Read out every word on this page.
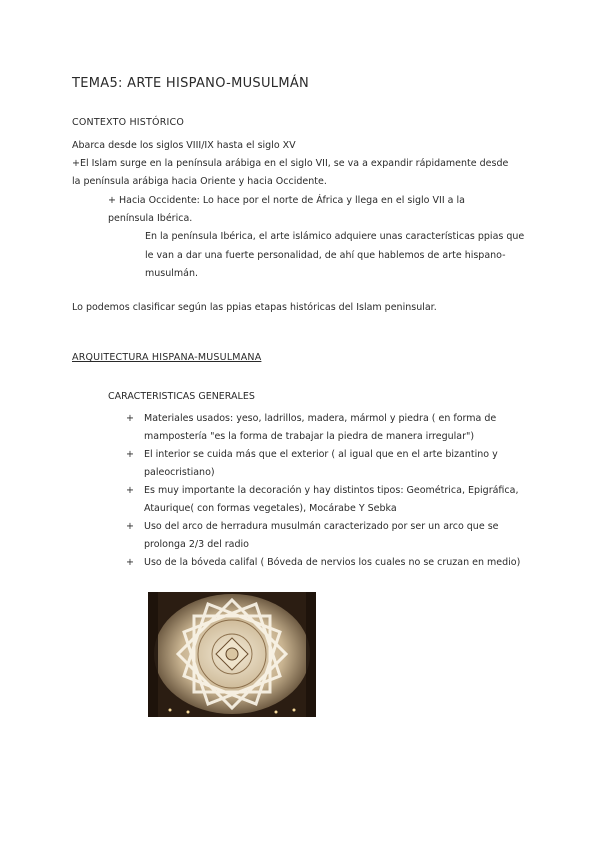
TEMA5: ARTE HISPANO-MUSULMÁN
CONTEXTO HISTÓRICO
Abarca desde los siglos VIII/IX hasta el siglo XV
+El Islam surge en la península arábiga en el siglo VII, se va a expandir rápidamente desde
la península arábiga hacia Oriente y hacia Occidente.
+ Hacia Occidente: Lo hace por el norte de África y llega en el siglo VII a la
península Ibérica.
En la península Ibérica, el arte islámico adquiere unas características ppias que le van a dar una fuerte personalidad, de ahí que hablemos de arte hispano-musulmán.
Lo podemos clasificar según las ppias etapas históricas del Islam peninsular.
ARQUITECTURA HISPANA-MUSULMANA
CARACTERISTICAS GENERALES
+ Materiales usados: yeso, ladrillos, madera, mármol y piedra ( en forma de mampostería "es la forma de trabajar la piedra de manera irregular")
+ El interior se cuida más que el exterior ( al igual que en el arte bizantino y paleocristiano)
+ Es muy importante la decoración y hay distintos tipos: Geométrica, Epigráfica, Ataurique( con formas vegetales), Mocárabe Y Sebka
+ Uso del arco de herradura musulmán caracterizado por ser un arco que se prolonga 2/3 del radio
+ Uso de la bóveda califal ( Bóveda de nervios los cuales no se cruzan en medio)
